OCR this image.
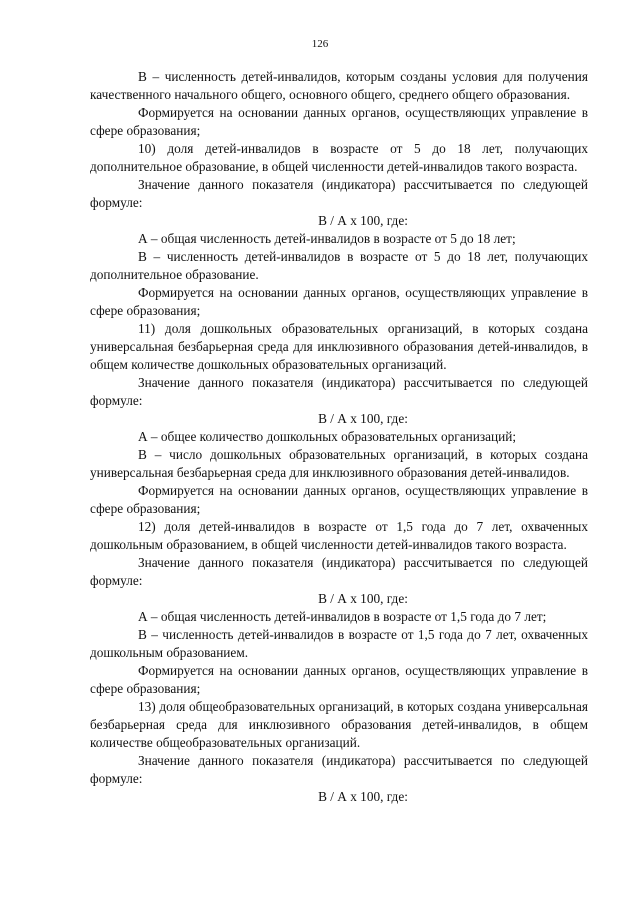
126

В – численность детей-инвалидов, которым созданы условия для получения качественного начального общего, основного общего, среднего общего образования.

Формируется на основании данных органов, осуществляющих управление в сфере образования;

10) доля детей-инвалидов в возрасте от 5 до 18 лет, получающих дополнительное образование, в общей численности детей-инвалидов такого возраста.

Значение данного показателя (индикатора) рассчитывается по следующей формуле:

В / А х 100, где:

А – общая численность детей-инвалидов в возрасте от 5 до 18 лет;

В – численность детей-инвалидов в возрасте от 5 до 18 лет, получающих дополнительное образование.

Формируется на основании данных органов, осуществляющих управление в сфере образования;

11) доля дошкольных образовательных организаций, в которых создана универсальная безбарьерная среда для инклюзивного образования детей-инвалидов, в общем количестве дошкольных образовательных организаций.

Значение данного показателя (индикатора) рассчитывается по следующей формуле:

В / А х 100, где:

А – общее количество дошкольных образовательных организаций;

В – число дошкольных образовательных организаций, в которых создана универсальная безбарьерная среда для инклюзивного образования детей-инвалидов.

Формируется на основании данных органов, осуществляющих управление в сфере образования;

12) доля детей-инвалидов в возрасте от 1,5 года до 7 лет, охваченных дошкольным образованием, в общей численности детей-инвалидов такого возраста.

Значение данного показателя (индикатора) рассчитывается по следующей формуле:

В / А х 100, где:

А – общая численность детей-инвалидов в возрасте от 1,5 года до 7 лет;

В – численность детей-инвалидов в возрасте от 1,5 года до 7 лет, охваченных дошкольным образованием.

Формируется на основании данных органов, осуществляющих управление в сфере образования;

13) доля общеобразовательных организаций, в которых создана универсальная безбарьерная среда для инклюзивного образования детей-инвалидов, в общем количестве общеобразовательных организаций.

Значение данного показателя (индикатора) рассчитывается по следующей формуле:

В / А х 100, где:
